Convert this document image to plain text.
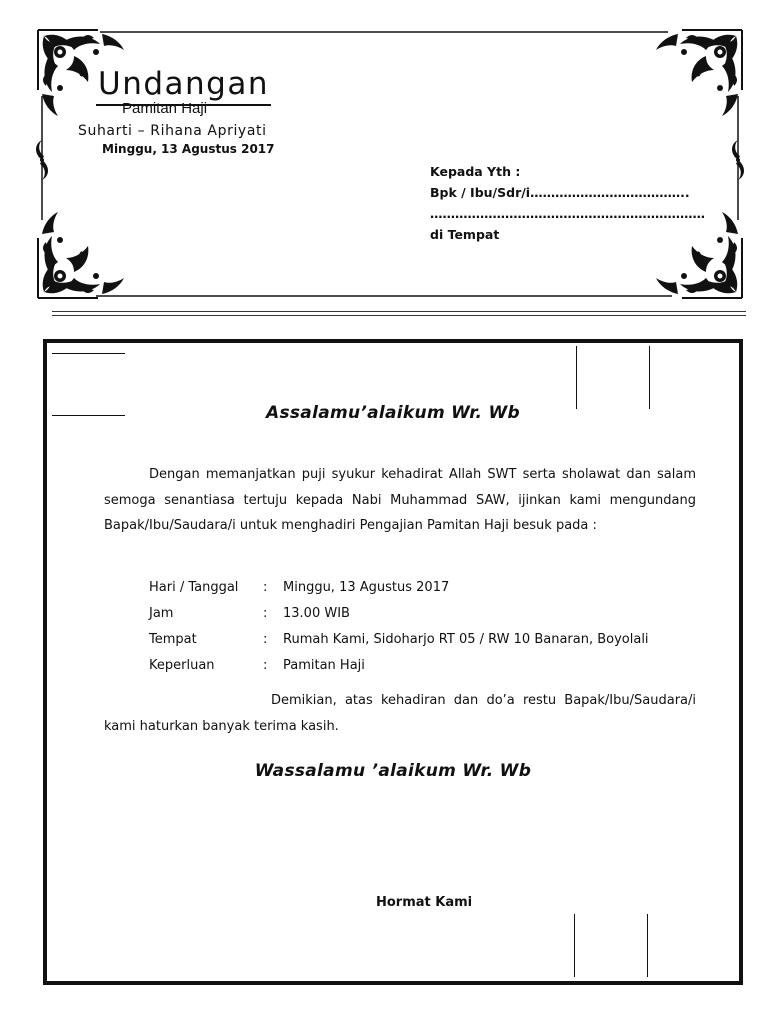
Undangan
Pamitan Haji
Suharti – Rihana Apriyati
Minggu, 13 Agustus 2017
Kepada Yth :
Bpk / Ibu/Sdr/i………………………………..
…………………………………………………………
di Tempat
Assalamu’alaikum Wr. Wb
Dengan memanjatkan puji syukur kehadirat Allah SWT serta sholawat dan salam semoga senantiasa tertuju kepada Nabi Muhammad SAW, ijinkan kami mengundang Bapak/Ibu/Saudara/i untuk menghadiri Pengajian Pamitan Haji besuk pada :
Hari / Tanggal : Minggu, 13 Agustus 2017
Jam	: 13.00 WIB
Tempat	: Rumah Kami, Sidoharjo RT 05 / RW 10 Banaran, Boyolali
Keperluan	: Pamitan Haji
Demikian, atas kehadiran dan do’a restu Bapak/Ibu/Saudara/i kami haturkan banyak terima kasih.
Wassalamu ’alaikum Wr. Wb
Hormat Kami
